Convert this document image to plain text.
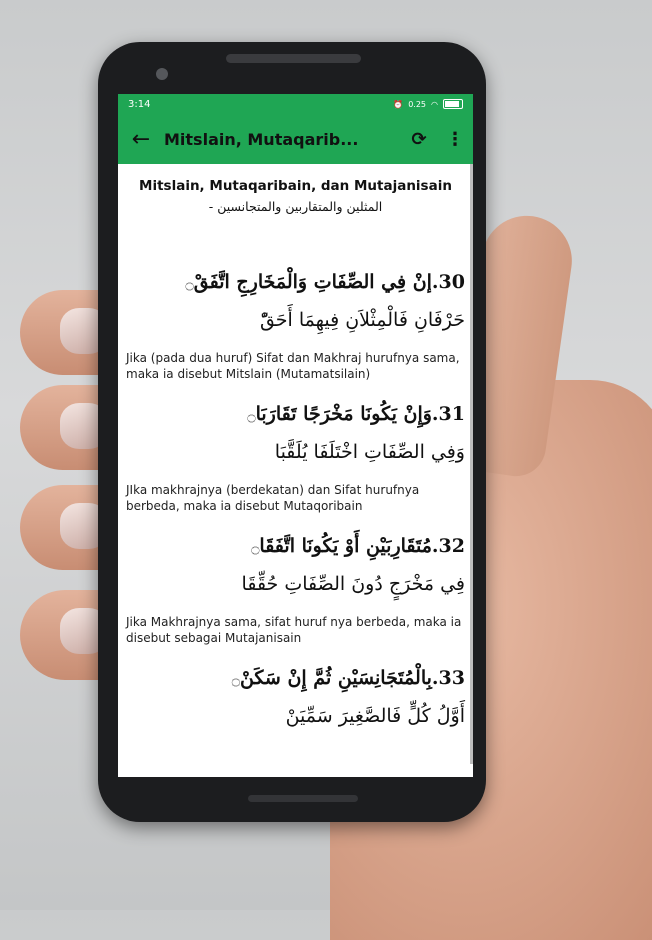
3:14	⏰ 0.25 ◠
← Mitslain, Mutaqarib...	⟳	⋮
Mitslain, Mutaqaribain, dan Mutajanisain
المثلين والمتقاربين والمتجانسين -
30.إنْ فِي الصِّفَاتِ وَالْمَخَارِجِ اتَّفَقْ۝
حَرْفَانِ فَالْمِثْلاَنِ فِيهِمَا أَحَقّْ
Jika (pada dua huruf) Sifat dan Makhraj hurufnya sama, maka ia disebut Mitslain (Mutamatsilain)
31.وَإِنْ يَكُونَا مَخْرَجًا تَقَارَبَا۝
وَفِي الصِّفَاتِ اخْتَلَفَا يُلَقَّبَا
JIka makhrajnya (berdekatan) dan Sifat hurufnya berbeda, maka ia disebut Mutaqoribain
32.مُتَقَارِبَيْنِ أَوْ يَكُونَا اتَّفَقَا۝
فِي مَخْرَجٍ دُونَ الصِّفَاتِ حُقِّقَا
Jika Makhrajnya sama, sifat huruf nya berbeda, maka ia disebut sebagai Mutajanisain
33.بِالْمُتَجَانِسَيْنِ ثُمَّ إِنْ سَكَنْ۝
أَوَّلُ كُلٍّ فَالصَّغِيرَ سَمِّيَنْ
